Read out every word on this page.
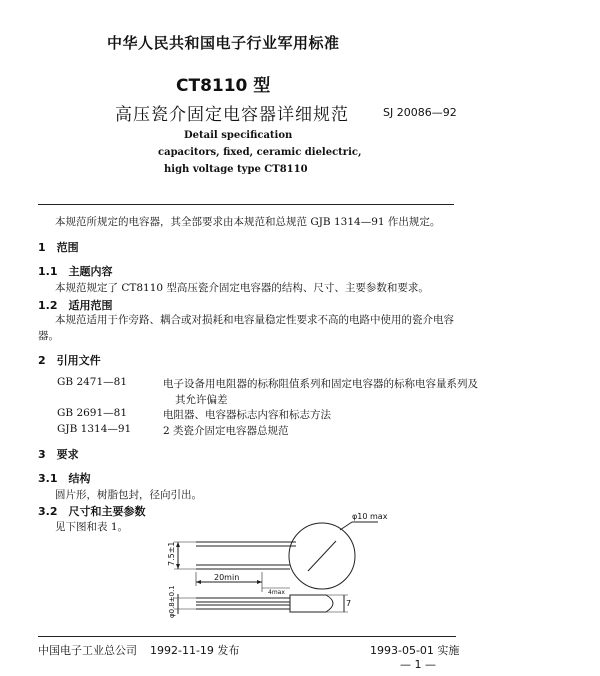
中华人民共和国电子行业军用标准
CT8110 型
高压瓷介固定电容器详细规范	SJ 20086—92
Detail specification
capacitors, fixed, ceramic dielectric,
high voltage type CT8110
本规范所规定的电容器，其全部要求由本规范和总规范 GJB 1314—91 作出规定。
1　范围
1.1　主题内容
本规范规定了 CT8110 型高压瓷介固定电容器的结构、尺寸、主要参数和要求。
1.2　适用范围
本规范适用于作旁路、耦合或对损耗和电容量稳定性要求不高的电路中使用的瓷介电容
器。
2　引用文件
GB 2471—81	电子设备用电阻器的标称阻值系列和固定电容器的标称电容量系列及
其允许偏差
GB 2691—81	电阻器、电容器标志内容和标志方法
GJB 1314—91	2 类瓷介固定电容器总规范
3　要求
3.1　结构
圆片形，树脂包封，径向引出。
3.2　尺寸和主要参数
见下图和表 1。
φ10 max
20min
4max
7
7.5±1
φ0.8±0.1
中国电子工业总公司 1992-11-19 发布	1993-05-01 实施
— 1 —
